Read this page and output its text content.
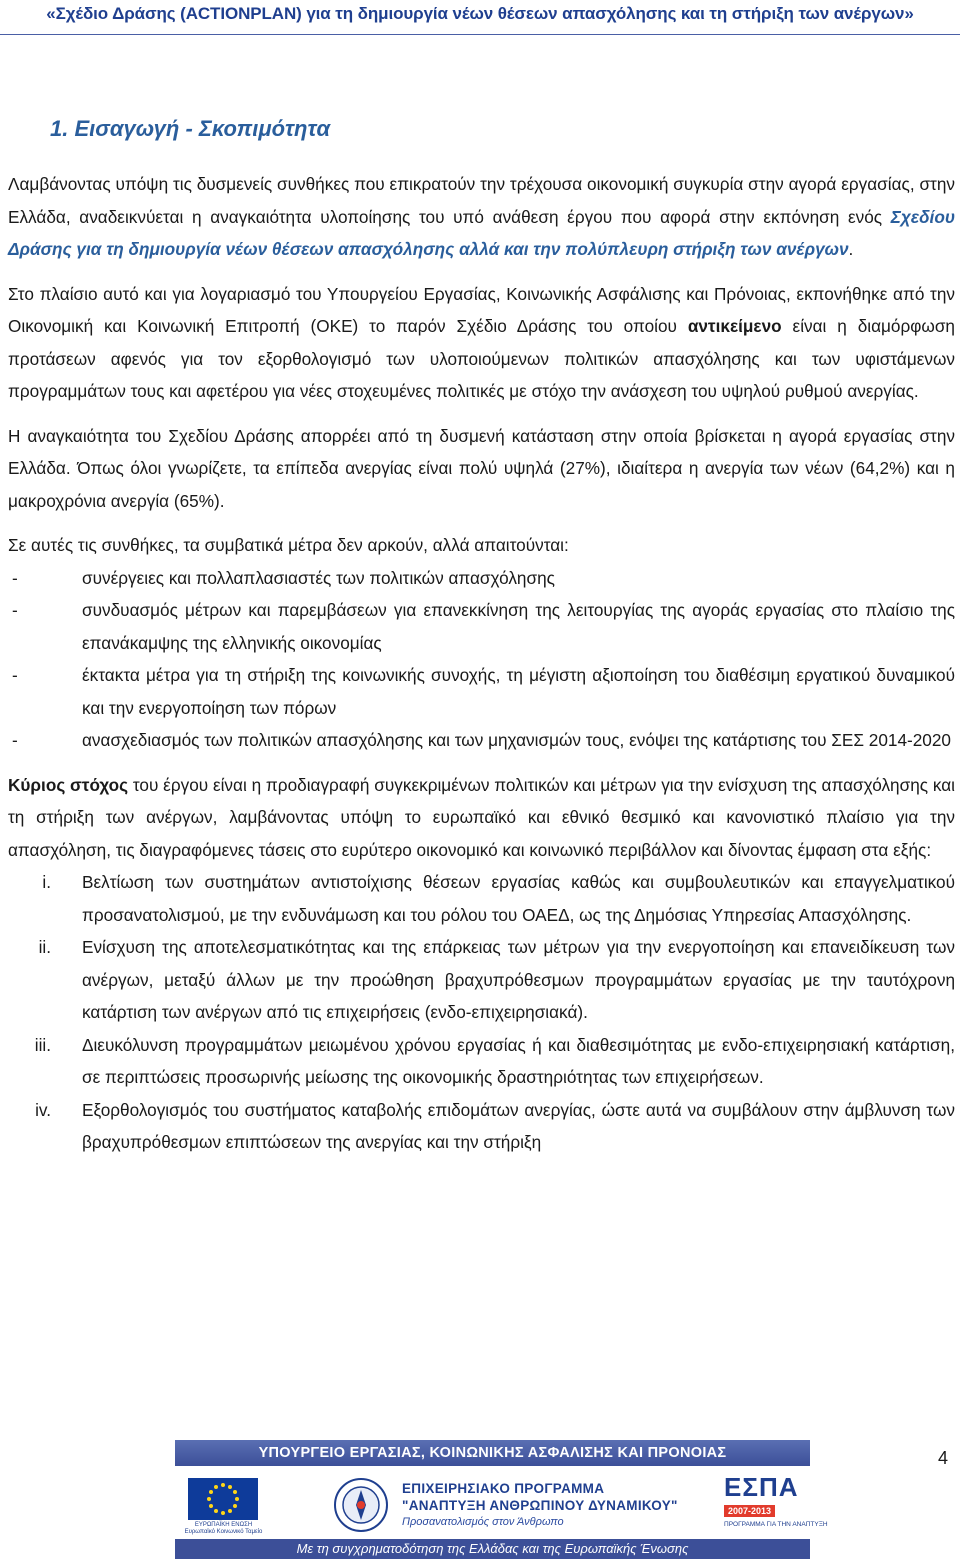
«Σχέδιο Δράσης (ACTIONPLAN) για τη δημιουργία νέων θέσεων απασχόλησης και τη στήριξη των ανέργων»
1. Εισαγωγή - Σκοπιμότητα

Λαμβάνοντας υπόψη τις δυσμενείς συνθήκες που επικρατούν την τρέχουσα οικονομική συγκυρία στην αγορά εργασίας, στην Ελλάδα, αναδεικνύεται η αναγκαιότητα υλοποίησης του υπό ανάθεση έργου που αφορά στην εκπόνηση ενός Σχεδίου Δράσης για τη δημιουργία νέων θέσεων απασχόλησης αλλά και την πολύπλευρη στήριξη των ανέργων.

Στο πλαίσιο αυτό και για λογαριασμό του Υπουργείου Εργασίας, Κοινωνικής Ασφάλισης και Πρόνοιας, εκπονήθηκε από την Οικονομική και Κοινωνική Επιτροπή (ΟΚΕ) το παρόν Σχέδιο Δράσης του οποίου αντικείμενο είναι η διαμόρφωση προτάσεων αφενός για τον εξορθολογισμό των υλοποιούμενων πολιτικών απασχόλησης και των υφιστάμενων προγραμμάτων τους και αφετέρου για νέες στοχευμένες πολιτικές με στόχο την ανάσχεση του υψηλού ρυθμού ανεργίας.

Η αναγκαιότητα του Σχεδίου Δράσης απορρέει από τη δυσμενή κατάσταση στην οποία βρίσκεται η αγορά εργασίας στην Ελλάδα. Όπως όλοι γνωρίζετε, τα επίπεδα ανεργίας είναι πολύ υψηλά (27%), ιδιαίτερα η ανεργία των νέων (64,2%) και η μακροχρόνια ανεργία (65%).

Σε αυτές τις συνθήκες, τα συμβατικά μέτρα δεν αρκούν, αλλά απαιτούνται:

-	συνέργειες και πολλαπλασιαστές των πολιτικών απασχόλησης
-	συνδυασμός μέτρων και παρεμβάσεων για επανεκκίνηση της λειτουργίας της αγοράς εργασίας στο πλαίσιο της επανάκαμψης της ελληνικής οικονομίας
-	έκτακτα μέτρα για τη στήριξη της κοινωνικής συνοχής, τη μέγιστη αξιοποίηση του διαθέσιμη εργατικού δυναμικού και την ενεργοποίηση των πόρων
-	ανασχεδιασμός των πολιτικών απασχόλησης και των μηχανισμών τους, ενόψει της κατάρτισης του ΣΕΣ 2014-2020

Κύριος στόχος του έργου είναι η προδιαγραφή συγκεκριμένων πολιτικών και μέτρων για την ενίσχυση της απασχόλησης και τη στήριξη των ανέργων, λαμβάνοντας υπόψη το ευρωπαϊκό και εθνικό θεσμικό και κανονιστικό πλαίσιο για την απασχόληση, τις διαγραφόμενες τάσεις στο ευρύτερο οικονομικό και κοινωνικό περιβάλλον και δίνοντας έμφαση στα εξής:

i.	Βελτίωση των συστημάτων αντιστοίχισης θέσεων εργασίας καθώς και συμβουλευτικών και επαγγελματικού προσανατολισμού, με την ενδυνάμωση και του ρόλου του ΟΑΕΔ, ως της Δημόσιας Υπηρεσίας Απασχόλησης.
ii.	Ενίσχυση της αποτελεσματικότητας και της επάρκειας των μέτρων για την ενεργοποίηση και επανειδίκευση των ανέργων, μεταξύ άλλων με την προώθηση βραχυπρόθεσμων προγραμμάτων εργασίας με την ταυτόχρονη κατάρτιση των ανέργων από τις επιχειρήσεις (ενδο-επιχειρησιακά).
iii.	Διευκόλυνση προγραμμάτων μειωμένου χρόνου εργασίας ή και διαθεσιμότητας με ενδο-επιχειρησιακή κατάρτιση, σε περιπτώσεις προσωρινής μείωσης της οικονομικής δραστηριότητας των επιχειρήσεων.
iv.	Εξορθολογισμός του συστήματος καταβολής επιδομάτων ανεργίας, ώστε αυτά να συμβάλουν στην άμβλυνση των βραχυπρόθεσμων επιπτώσεων της ανεργίας και την στήριξη
ΥΠΟΥΡΓΕΙΟ ΕΡΓΑΣΙΑΣ, ΚΟΙΝΩΝΙΚΗΣ ΑΣΦΑΛΙΣΗΣ ΚΑΙ ΠΡΟΝΟΙΑΣ	4
ΕΥΡΩΠΑΪΚΗ ΕΝΩΣΗ
Ευρωπαϊκό Κοινωνικό Ταμείο
ΕΠΙΧΕΙΡΗΣΙΑΚΟ ΠΡΟΓΡΑΜΜΑ
"ΑΝΑΠΤΥΞΗ ΑΝΘΡΩΠΙΝΟΥ ΔΥΝΑΜΙΚΟΥ"
Προσανατολισμός στον Άνθρωπο
ΕΣΠΑ
2007-2013
ΠΡΟΓΡΑΜΜΑ ΓΙΑ ΤΗΝ ΑΝΑΠΤΥΞΗ
Με τη συγχρηματοδότηση της Ελλάδας και της Ευρωπαϊκής Ένωσης
